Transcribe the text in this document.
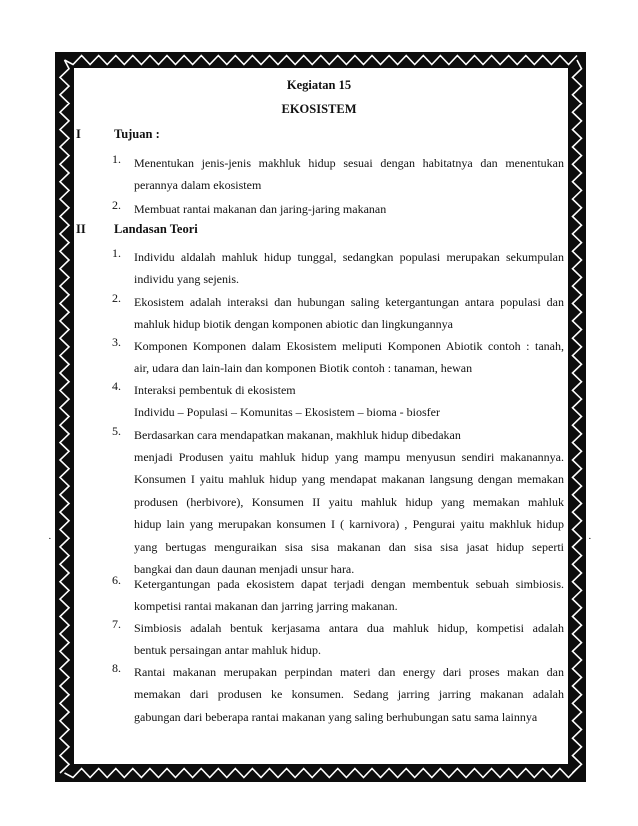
Kegiatan 15
EKOSISTEM
I	Tujuan :
1. Menentukan jenis-jenis makhluk hidup sesuai dengan habitatnya dan menentukan
perannya dalam ekosistem
2. Membuat rantai makanan dan jaring-jaring makanan
II Landasan Teori
1. Individu aldalah mahluk hidup tunggal, sedangkan populasi merupakan sekumpulan
individu yang sejenis.
2. Ekosistem adalah interaksi dan hubungan saling ketergantungan antara populasi dan
mahluk hidup biotik dengan komponen abiotic dan lingkungannya
3. Komponen Komponen dalam Ekosistem meliputi Komponen Abiotik contoh : tanah,
air, udara dan lain-lain dan komponen Biotik contoh : tanaman, hewan
4. Interaksi pembentuk di ekosistem
Individu – Populasi – Komunitas – Ekosistem – bioma - biosfer
5. Berdasarkan cara mendapatkan makanan, makhluk hidup dibedakan
menjadi Produsen yaitu mahluk hidup yang mampu menyusun sendiri makanannya.
Konsumen I yaitu mahluk hidup yang mendapat makanan langsung dengan memakan
produsen (herbivore), Konsumen II yaitu mahluk hidup yang memakan mahluk
hidup lain yang merupakan konsumen I ( karnivora) , Pengurai yaitu makhluk hidup
yang bertugas menguraikan sisa sisa makanan dan sisa sisa jasat hidup seperti
bangkai dan daun daunan menjadi unsur hara.
6. Ketergantungan pada ekosistem dapat terjadi dengan membentuk sebuah simbiosis.
kompetisi rantai makanan dan jarring jarring makanan.
7. Simbiosis adalah bentuk kerjasama antara dua mahluk hidup, kompetisi adalah
bentuk persaingan antar mahluk hidup.
8. Rantai makanan merupakan perpindan materi dan energy dari proses makan dan
memakan dari produsen ke konsumen. Sedang jarring jarring makanan adalah
gabungan dari beberapa rantai makanan yang saling berhubungan satu sama lainnya
·	·
